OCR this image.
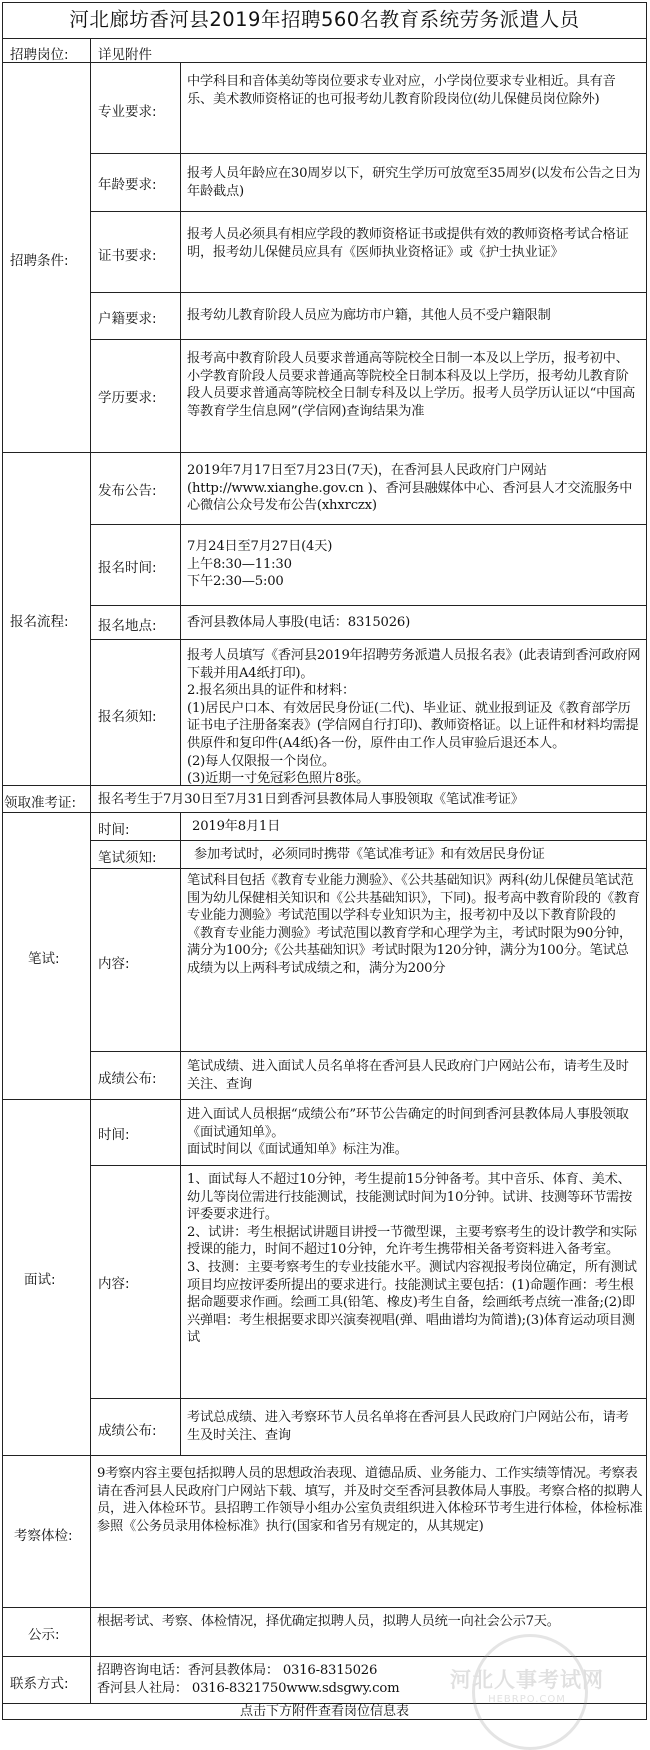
河北廊坊香河县2019年招聘560名教育系统劳务派遣人员
招聘岗位: 详见附件
招聘条件:
专业要求:
中学科目和音体美幼等岗位要求专业对应，小学岗位要求专业相近。具有音乐、美术教师资格证的也可报考幼儿教育阶段岗位(幼儿保健员岗位除外)
年龄要求:
报考人员年龄应在30周岁以下，研究生学历可放宽至35周岁(以发布公告之日为年龄截点)
证书要求:
报考人员必须具有相应学段的教师资格证书或提供有效的教师资格考试合格证明，报考幼儿保健员应具有《医师执业资格证》或《护士执业证》
户籍要求: 报考幼儿教育阶段人员应为廊坊市户籍，其他人员不受户籍限制
学历要求:
报考高中教育阶段人员要求普通高等院校全日制一本及以上学历，报考初中、小学教育阶段人员要求普通高等院校全日制本科及以上学历，报考幼儿教育阶段人员要求普通高等院校全日制专科及以上学历。报考人员学历认证以“中国高等教育学生信息网”(学信网)查询结果为准
报名流程:
发布公告:
2019年7月17日至7月23日(7天)，在香河县人民政府门户网站(http://www.xianghe.gov.cn )、香河县融媒体中心、香河县人才交流服务中心微信公众号发布公告(xhxrczx)
报名时间:
7月24日至7月27日(4天)
上午8:30—11:30
下午2:30—5:00
报名地点: 香河县教体局人事股(电话：8315026)
报名须知:
报考人员填写《香河县2019年招聘劳务派遣人员报名表》(此表请到香河政府网下载并用A4纸打印)。
2.报名须出具的证件和材料：
(1)居民户口本、有效居民身份证(二代)、毕业证、就业报到证及《教育部学历证书电子注册备案表》(学信网自行打印)、教师资格证。以上证件和材料均需提供原件和复印件(A4纸)各一份，原件由工作人员审验后退还本人。
(2)每人仅限报一个岗位。
(3)近期一寸免冠彩色照片8张。
领取准考证: 报名考生于7月30日至7月31日到香河县教体局人事股领取《笔试准考证》
笔试:
时间:	2019年8月1日
笔试须知:	参加考试时，必须同时携带《笔试准考证》和有效居民身份证
内容:
笔试科目包括《教育专业能力测验》、《公共基础知识》两科(幼儿保健员笔试范围为幼儿保健相关知识和《公共基础知识》，下同)。报考高中教育阶段的《教育专业能力测验》考试范围以学科专业知识为主，报考初中及以下教育阶段的《教育专业能力测验》考试范围以教育学和心理学为主，考试时限为90分钟，满分为100分;《公共基础知识》考试时限为120分钟，满分为100分。笔试总成绩为以上两科考试成绩之和，满分为200分
成绩公布:
笔试成绩、进入面试人员名单将在香河县人民政府门户网站公布，请考生及时关注、查询
面试:
时间:
进入面试人员根据“成绩公布”环节公告确定的时间到香河县教体局人事股领取《面试通知单》。
面试时间以《面试通知单》标注为准。
内容:
1、面试每人不超过10分钟，考生提前15分钟备考。其中音乐、体育、美术、幼儿等岗位需进行技能测试，技能测试时间为10分钟。试讲、技测等环节需按评委要求进行。
2、试讲：考生根据试讲题目讲授一节微型课，主要考察考生的设计教学和实际授课的能力，时间不超过10分钟，允许考生携带相关备考资料进入备考室。
3、技测：主要考察考生的专业技能水平。测试内容视报考岗位确定，所有测试项目均应按评委所提出的要求进行。技能测试主要包括：(1)命题作画：考生根据命题要求作画。绘画工具(铅笔、橡皮)考生自备，绘画纸考点统一准备;(2)即兴弹唱：考生根据要求即兴演奏视唱(弹、唱曲谱均为简谱);(3)体育运动项目测试
成绩公布:
考试总成绩、进入考察环节人员名单将在香河县人民政府门户网站公布，请考生及时关注、查询
考察体检:
9考察内容主要包括拟聘人员的思想政治表现、道德品质、业务能力、工作实绩等情况。考察表请在香河县人民政府门户网站下载、填写，并及时交至香河县教体局人事股。考察合格的拟聘人员，进入体检环节。县招聘工作领导小组办公室负责组织进入体检环节考生进行体检，体检标准参照《公务员录用体检标准》执行(国家和省另有规定的，从其规定)
公示:
根据考试、考察、体检情况，择优确定拟聘人员，拟聘人员统一向社会公示7天。
联系方式:
招聘咨询电话：香河县教体局： 0316-8315026
香河县人社局： 0316-8321750www.sdsgwy.com
点击下方附件查看岗位信息表
河北人事考试网
HEBRPO.COM
